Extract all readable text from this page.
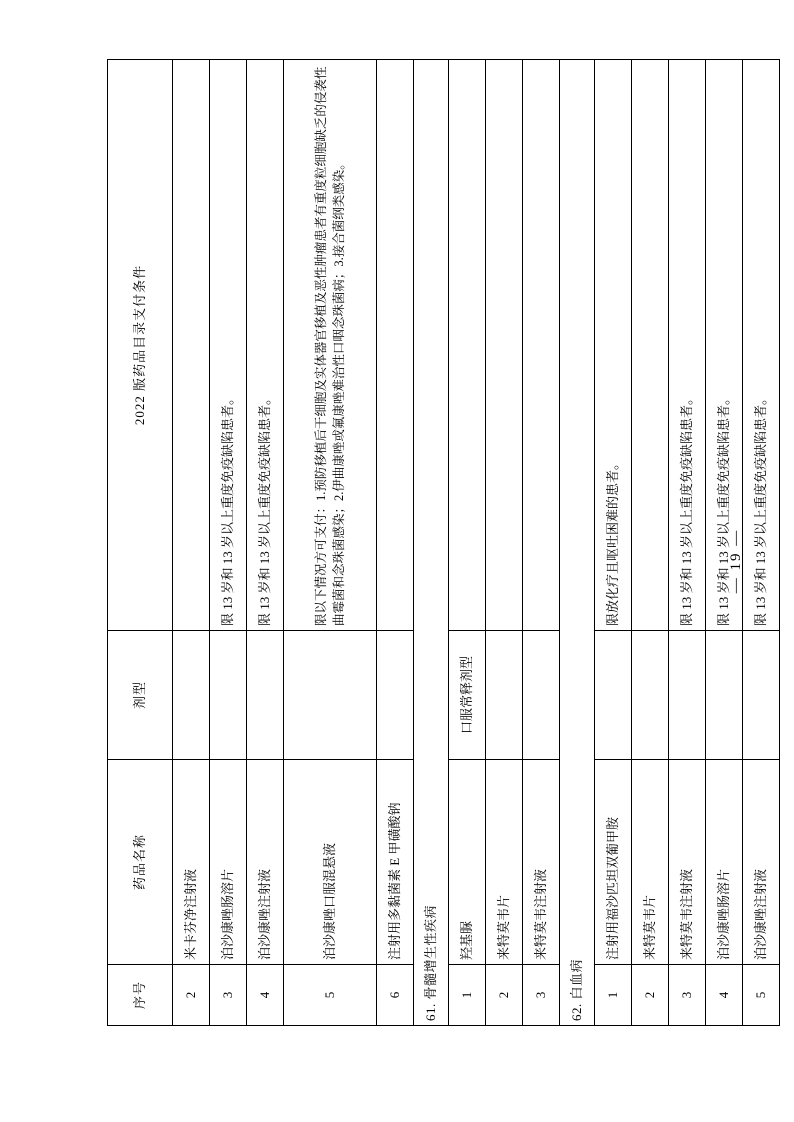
序号	药品名称	剂型	2022 版药品目录支付条件
2	米卡芬净注射液		
3	泊沙康唑肠溶片		限 13 岁和 13 岁以上重度免疫缺陷患者。
4	泊沙康唑注射液		限 13 岁和 13 岁以上重度免疫缺陷患者。
5	泊沙康唑口服混悬液		限以下情况方可支付：1.预防移植后干细胞及实体器官移植及恶性肿瘤患者有重度粒细胞缺乏的侵袭性曲霉菌和念珠菌感染；2.伊曲康唑或氟康唑难治性口咽念珠菌病；3.接合菌纲类感染。

6	注射用多黏菌素 E 甲磺酸钠		
61. 骨髓增生性疾病			
1	羟基脲	口服常释剂型	
2	来特莫韦片		
3	来特莫韦注射液		
62. 白血病			
1	注射用福沙匹坦双葡甲胺		限放化疗且呕吐困难的患者。
2	来特莫韦片		
3	来特莫韦注射液		限 13 岁和 13 岁以上重度免疫缺陷患者。
4	泊沙康唑肠溶片		限 13 岁和 13 岁以上重度免疫缺陷患者。
5	泊沙康唑注射液		限 13 岁和 13 岁以上重度免疫缺陷患者。
— 19 —
